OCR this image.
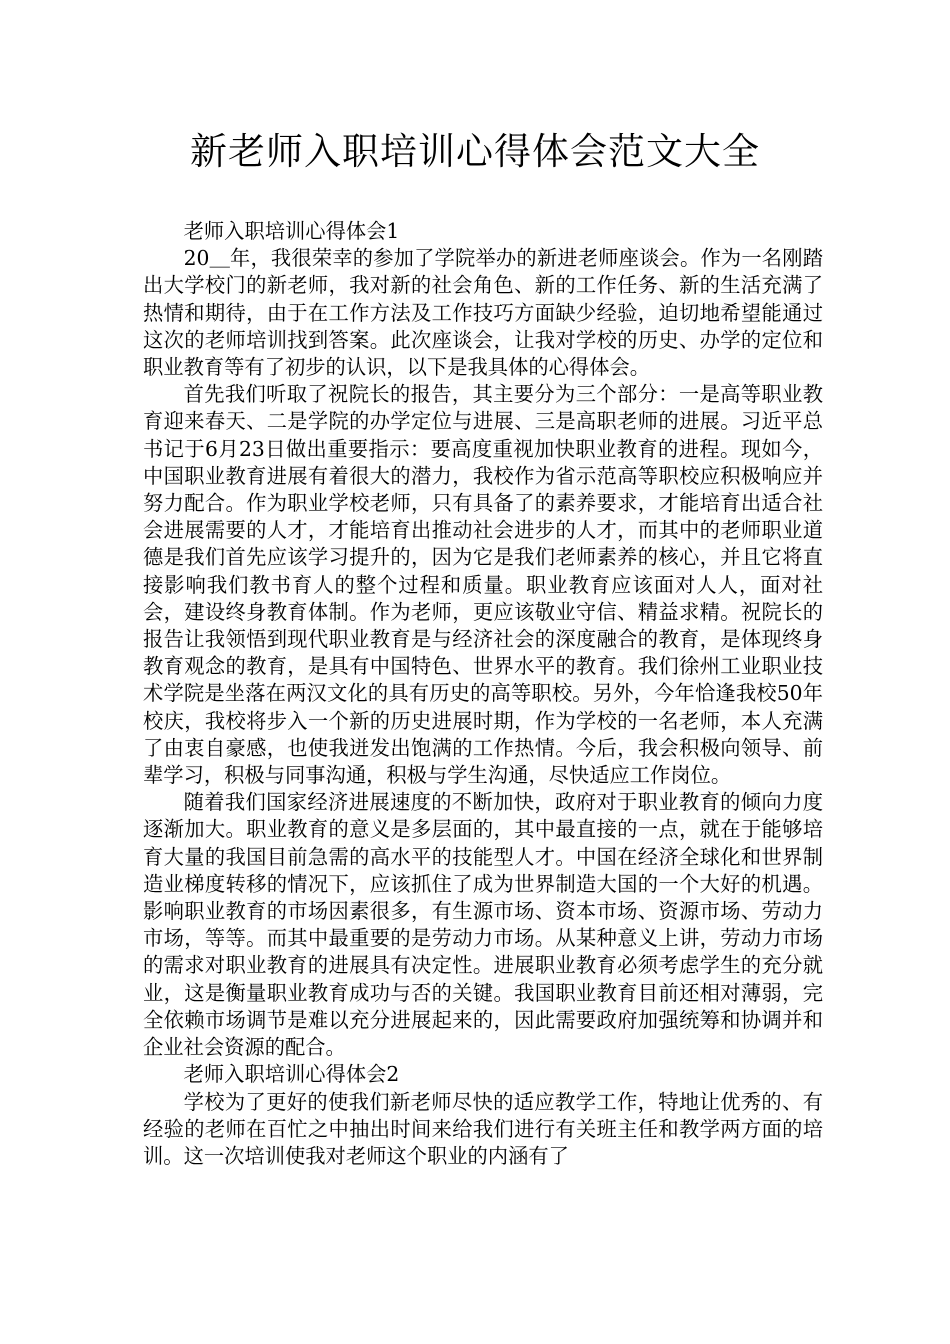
新老师入职培训心得体会范文大全

老师入职培训心得体会1

20＿年，我很荣幸的参加了学院举办的新进老师座谈会。作为一名刚踏出大学校门的新老师，我对新的社会角色、新的工作任务、新的生活充满了热情和期待，由于在工作方法及工作技巧方面缺少经验，迫切地希望能通过这次的老师培训找到答案。此次座谈会，让我对学校的历史、办学的定位和职业教育等有了初步的认识，以下是我具体的心得体会。

首先我们听取了祝院长的报告，其主要分为三个部分：一是高等职业教育迎来春天、二是学院的办学定位与进展、三是高职老师的进展。习近平总书记于6月23日做出重要指示：要高度重视加快职业教育的进程。现如今，中国职业教育进展有着很大的潜力，我校作为省示范高等职校应积极响应并努力配合。作为职业学校老师，只有具备了的素养要求，才能培育出适合社会进展需要的人才，才能培育出推动社会进步的人才，而其中的老师职业道德是我们首先应该学习提升的，因为它是我们老师素养的核心，并且它将直接影响我们教书育人的整个过程和质量。职业教育应该面对人人，面对社会，建设终身教育体制。作为老师，更应该敬业守信、精益求精。祝院长的报告让我领悟到现代职业教育是与经济社会的深度融合的教育，是体现终身教育观念的教育，是具有中国特色、世界水平的教育。我们徐州工业职业技术学院是坐落在两汉文化的具有历史的高等职校。另外，今年恰逢我校50年校庆，我校将步入一个新的历史进展时期，作为学校的一名老师，本人充满了由衷自豪感，也使我迸发出饱满的工作热情。今后，我会积极向领导、前辈学习，积极与同事沟通，积极与学生沟通，尽快适应工作岗位。

随着我们国家经济进展速度的不断加快，政府对于职业教育的倾向力度逐渐加大。职业教育的意义是多层面的，其中最直接的一点，就在于能够培育大量的我国目前急需的高水平的技能型人才。中国在经济全球化和世界制造业梯度转移的情况下，应该抓住了成为世界制造大国的一个大好的机遇。影响职业教育的市场因素很多，有生源市场、资本市场、资源市场、劳动力市场，等等。而其中最重要的是劳动力市场。从某种意义上讲，劳动力市场的需求对职业教育的进展具有决定性。进展职业教育必须考虑学生的充分就业，这是衡量职业教育成功与否的关键。我国职业教育目前还相对薄弱，完全依赖市场调节是难以充分进展起来的，因此需要政府加强统筹和协调并和企业社会资源的配合。

老师入职培训心得体会2

学校为了更好的使我们新老师尽快的适应教学工作，特地让优秀的、有经验的老师在百忙之中抽出时间来给我们进行有关班主任和教学两方面的培训。这一次培训使我对老师这个职业的内涵有了
